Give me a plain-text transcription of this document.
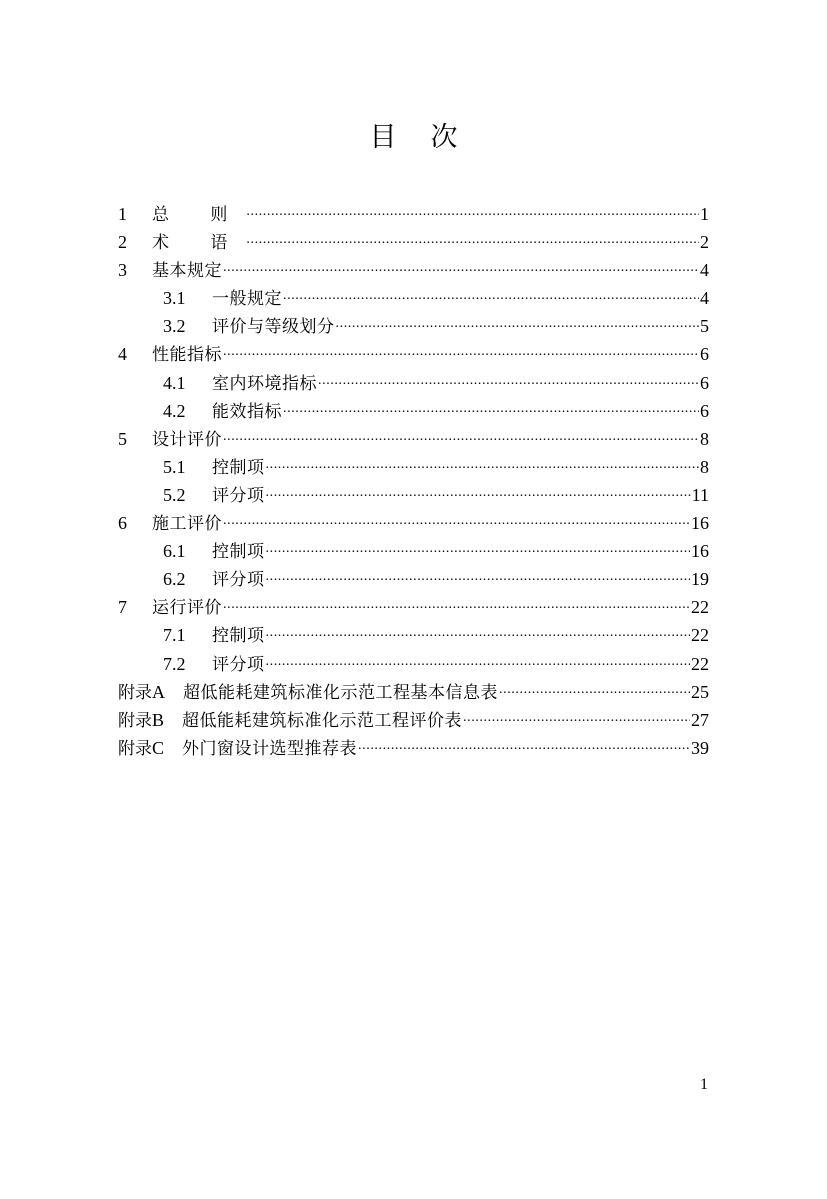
目 次
1	总 则 .....	1
2	术 语 .....	2
3	基本规定 .....	4
3.1	一般规定 .....	4
3.2	评价与等级划分 .....	5
4	性能指标 .....	6
4.1	室内环境指标 .....	6
4.2	能效指标 .....	6
5	设计评价 .....	8
5.1	控制项 .....	8
5.2	评分项 .....	11
6	施工评价 .....	16
6.1	控制项 .....	16
6.2	评分项 .....	19
7	运行评价 .....	22
7.1	控制项 .....	22
7.2	评分项 .....	22
附录A 超低能耗建筑标准化示范工程基本信息表 .....	25
附录B 超低能耗建筑标准化示范工程评价表 .....	27
附录C 外门窗设计选型推荐表 .....	39
1
